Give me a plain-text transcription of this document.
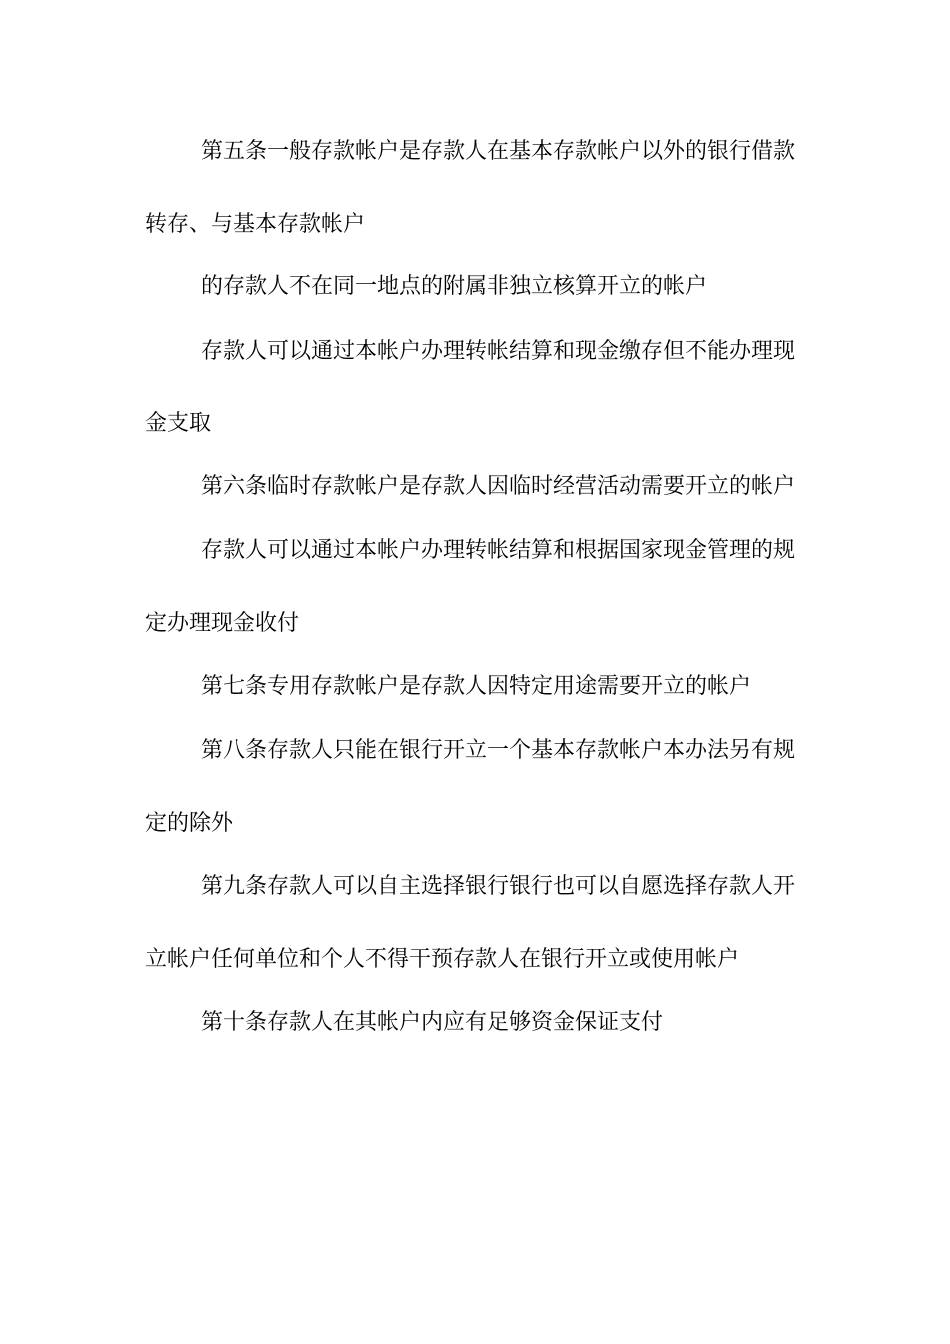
第五条一般存款帐户是存款人在基本存款帐户以外的银行借款
转存、与基本存款帐户
的存款人不在同一地点的附属非独立核算开立的帐户
存款人可以通过本帐户办理转帐结算和现金缴存但不能办理现
金支取
第六条临时存款帐户是存款人因临时经营活动需要开立的帐户
存款人可以通过本帐户办理转帐结算和根据国家现金管理的规
定办理现金收付
第七条专用存款帐户是存款人因特定用途需要开立的帐户
第八条存款人只能在银行开立一个基本存款帐户本办法另有规
定的除外
第九条存款人可以自主选择银行银行也可以自愿选择存款人开
立帐户任何单位和个人不得干预存款人在银行开立或使用帐户
第十条存款人在其帐户内应有足够资金保证支付
